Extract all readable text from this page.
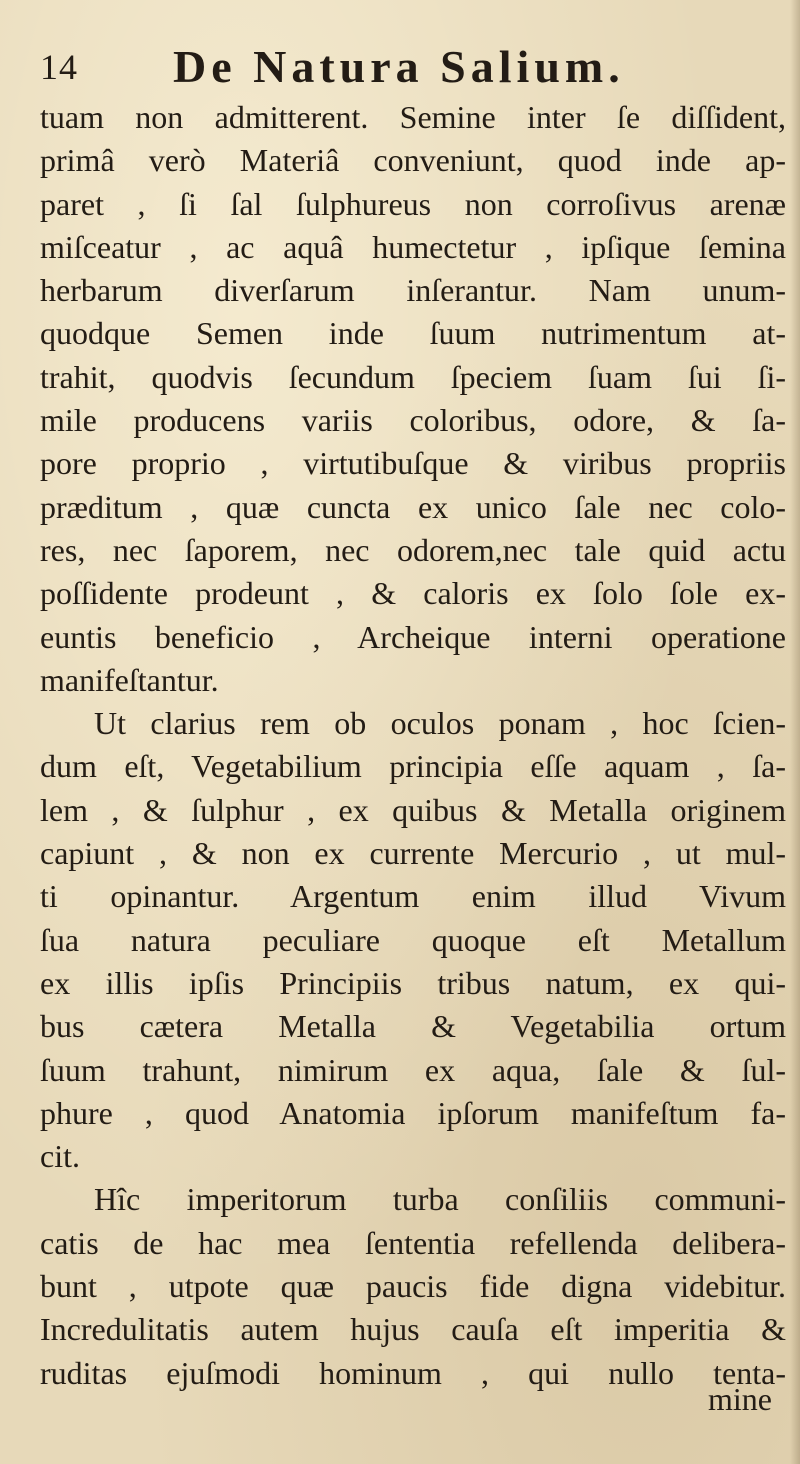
14 De Natura Salium.
tuam non admitterent. Semine inter ſe diſſident,
primâ verò Materiâ conveniunt, quod inde ap-
paret , ſi ſal ſulphureus non corroſivus arenæ
miſceatur , ac aquâ humectetur , ipſique ſemina
herbarum diverſarum inſerantur. Nam unum-
quodque Semen inde ſuum nutrimentum at-
trahit, quodvis ſecundum ſpeciem ſuam ſui ſi-
mile producens variis coloribus, odore, & ſa-
pore proprio , virtutibuſque & viribus propriis
præditum , quæ cuncta ex unico ſale nec colo-
res, nec ſaporem, nec odorem,nec tale quid actu
poſſidente prodeunt , & caloris ex ſolo ſole ex-
euntis beneficio , Archeique interni operatione
manifeſtantur.
Ut clarius rem ob oculos ponam , hoc ſcien-
dum eſt, Vegetabilium principia eſſe aquam , ſa-
lem , & ſulphur , ex quibus & Metalla originem
capiunt , & non ex currente Mercurio , ut mul-
ti opinantur. Argentum enim illud Vivum
ſua natura peculiare quoque eſt Metallum
ex illis ipſis Principiis tribus natum, ex qui-
bus cætera Metalla & Vegetabilia ortum
ſuum trahunt, nimirum ex aqua, ſale & ſul-
phure , quod Anatomia ipſorum manifeſtum fa-
cit.
Hîc imperitorum turba conſiliis communi-
catis de hac mea ſententia refellenda delibera-
bunt , utpote quæ paucis fide digna videbitur.
Incredulitatis autem hujus cauſa eſt imperitia &
ruditas ejuſmodi hominum , qui nullo tenta-
mine
